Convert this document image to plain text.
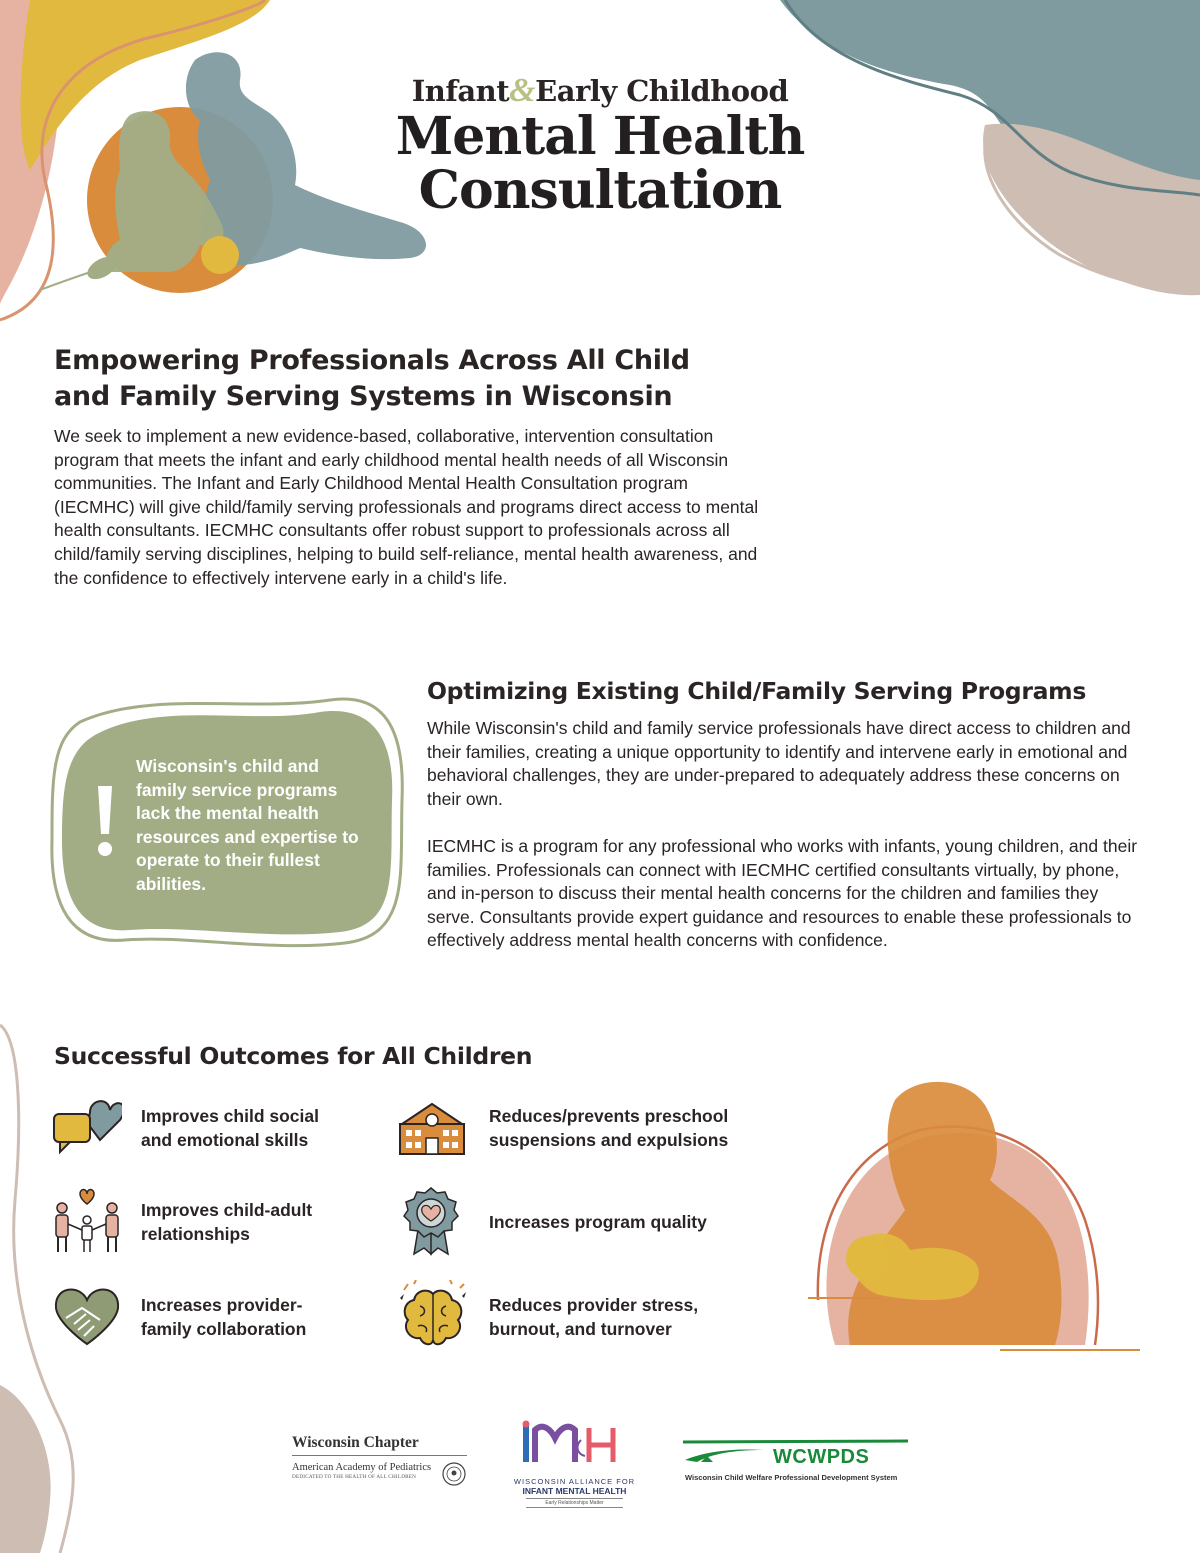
Infant&Early Childhood
Mental Health
Consultation
Empowering Professionals Across All Child
and Family Serving Systems in Wisconsin

We seek to implement a new evidence-based, collaborative, intervention consultation program that meets the infant and early childhood mental health needs of all Wisconsin communities. The Infant and Early Childhood Mental Health Consultation program (IECMHC) will give child/family serving professionals and programs direct access to mental health consultants. IECMHC consultants offer robust support to professionals across all child/family serving disciplines, helping to build self-reliance, mental health awareness, and the confidence to effectively intervene early in a child's life.

Wisconsin's child and family service programs lack the mental health resources and expertise to operate to their fullest abilities.
Optimizing Existing Child/Family Serving Programs

While Wisconsin's child and family service professionals have direct access to children and their families, creating a unique opportunity to identify and intervene early in emotional and behavioral challenges, they are under-prepared to adequately address these concerns on their own.

IECMHC is a program for any professional who works with infants, young children, and their families. Professionals can connect with IECMHC certified consultants virtually, by phone, and in-person to discuss their mental health concerns for the children and families they serve. Consultants provide expert guidance and resources to enable these professionals to effectively address mental health concerns with confidence.

Successful Outcomes for All Children
Improves child social
and emotional skills
Improves child-adult
relationships
Increases provider-
family collaboration
Reduces/prevents preschool
suspensions and expulsions
Increases program quality
Reduces provider stress,
burnout, and turnover
Wisconsin Chapter
American Academy of Pediatrics
DEDICATED TO THE HEALTH OF ALL CHILDREN	WISCONSIN ALLIANCE FOR
INFANT MENTAL HEALTH
Early Relationships Matter
WCWPDS
Wisconsin Child Welfare Professional Development System
